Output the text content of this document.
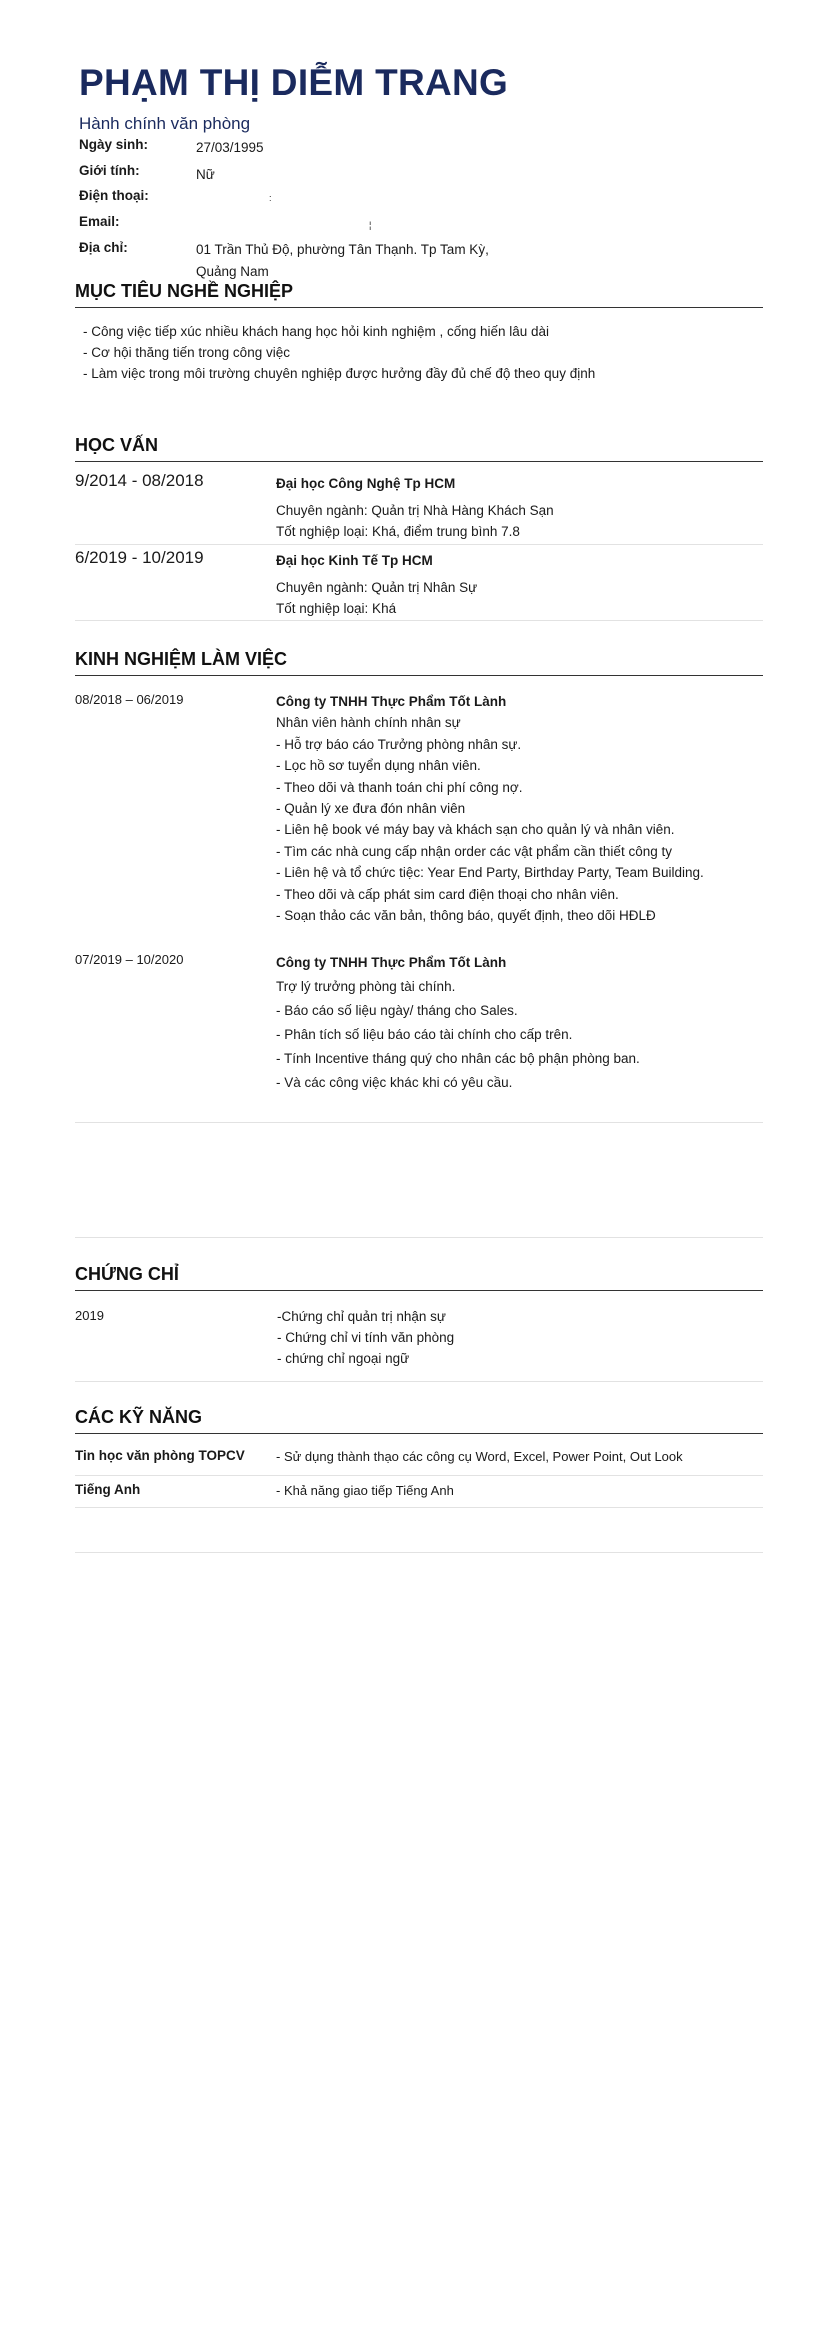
PHẠM THỊ DIỄM TRANG
Hành chính văn phòng
Ngày sinh:	27/03/1995
Giới tính:	Nữ
Điện thoại:	:
Email:	¦
Địa chỉ:	01 Trần Thủ Độ, phường Tân Thạnh. Tp Tam Kỳ,
Quảng Nam
MỤC TIÊU NGHỀ NGHIỆP
- Công việc tiếp xúc nhiều khách hang học hỏi kinh nghiệm , cống hiến lâu dài
- Cơ hội thăng tiến trong công việc
- Làm việc trong môi trường chuyên nghiệp được hưởng đầy đủ chế độ theo quy định
HỌC VẤN
9/2014 - 08/2018	Đại học Công Nghệ Tp HCM
Chuyên ngành: Quản trị Nhà Hàng Khách Sạn
Tốt nghiệp loại: Khá, điểm trung bình 7.8
6/2019 - 10/2019	Đại học Kinh Tế Tp HCM
Chuyên ngành: Quản trị Nhân Sự
Tốt nghiệp loại: Khá
KINH NGHIỆM LÀM VIỆC
08/2018 – 06/2019	Công ty TNHH Thực Phẩm Tốt Lành
Nhân viên hành chính nhân sự
- Hỗ trợ báo cáo Trưởng phòng nhân sự.
- Lọc hồ sơ tuyển dụng nhân viên.
- Theo dõi và thanh toán chi phí công nợ.
- Quản lý xe đưa đón nhân viên
- Liên hệ book vé máy bay và khách sạn cho quản lý và nhân viên.
- Tìm các nhà cung cấp nhận order các vật phẩm cần thiết công ty
- Liên hệ và tổ chức tiệc: Year End Party, Birthday Party, Team Building.
- Theo dõi và cấp phát sim card điện thoại cho nhân viên.
- Soạn thảo các văn bản, thông báo, quyết định, theo dõi HĐLĐ
07/2019 – 10/2020	Công ty TNHH Thực Phẩm Tốt Lành
Trợ lý trưởng phòng tài chính.
- Báo cáo số liệu ngày/ tháng cho Sales.
- Phân tích số liệu báo cáo tài chính cho cấp trên.
- Tính Incentive tháng quý cho nhân các bộ phận phòng ban.
- Và các công việc khác khi có yêu cầu.
CHỨNG CHỈ
2019	-Chứng chỉ quản trị nhận sự
- Chứng chỉ vi tính văn phòng
- chứng chỉ ngoại ngữ
CÁC KỸ NĂNG
Tin học văn phòng TOPCV - Sử dụng thành thạo các công cụ Word, Excel, Power Point, Out Look
Tiếng Anh	- Khả năng giao tiếp Tiếng Anh
